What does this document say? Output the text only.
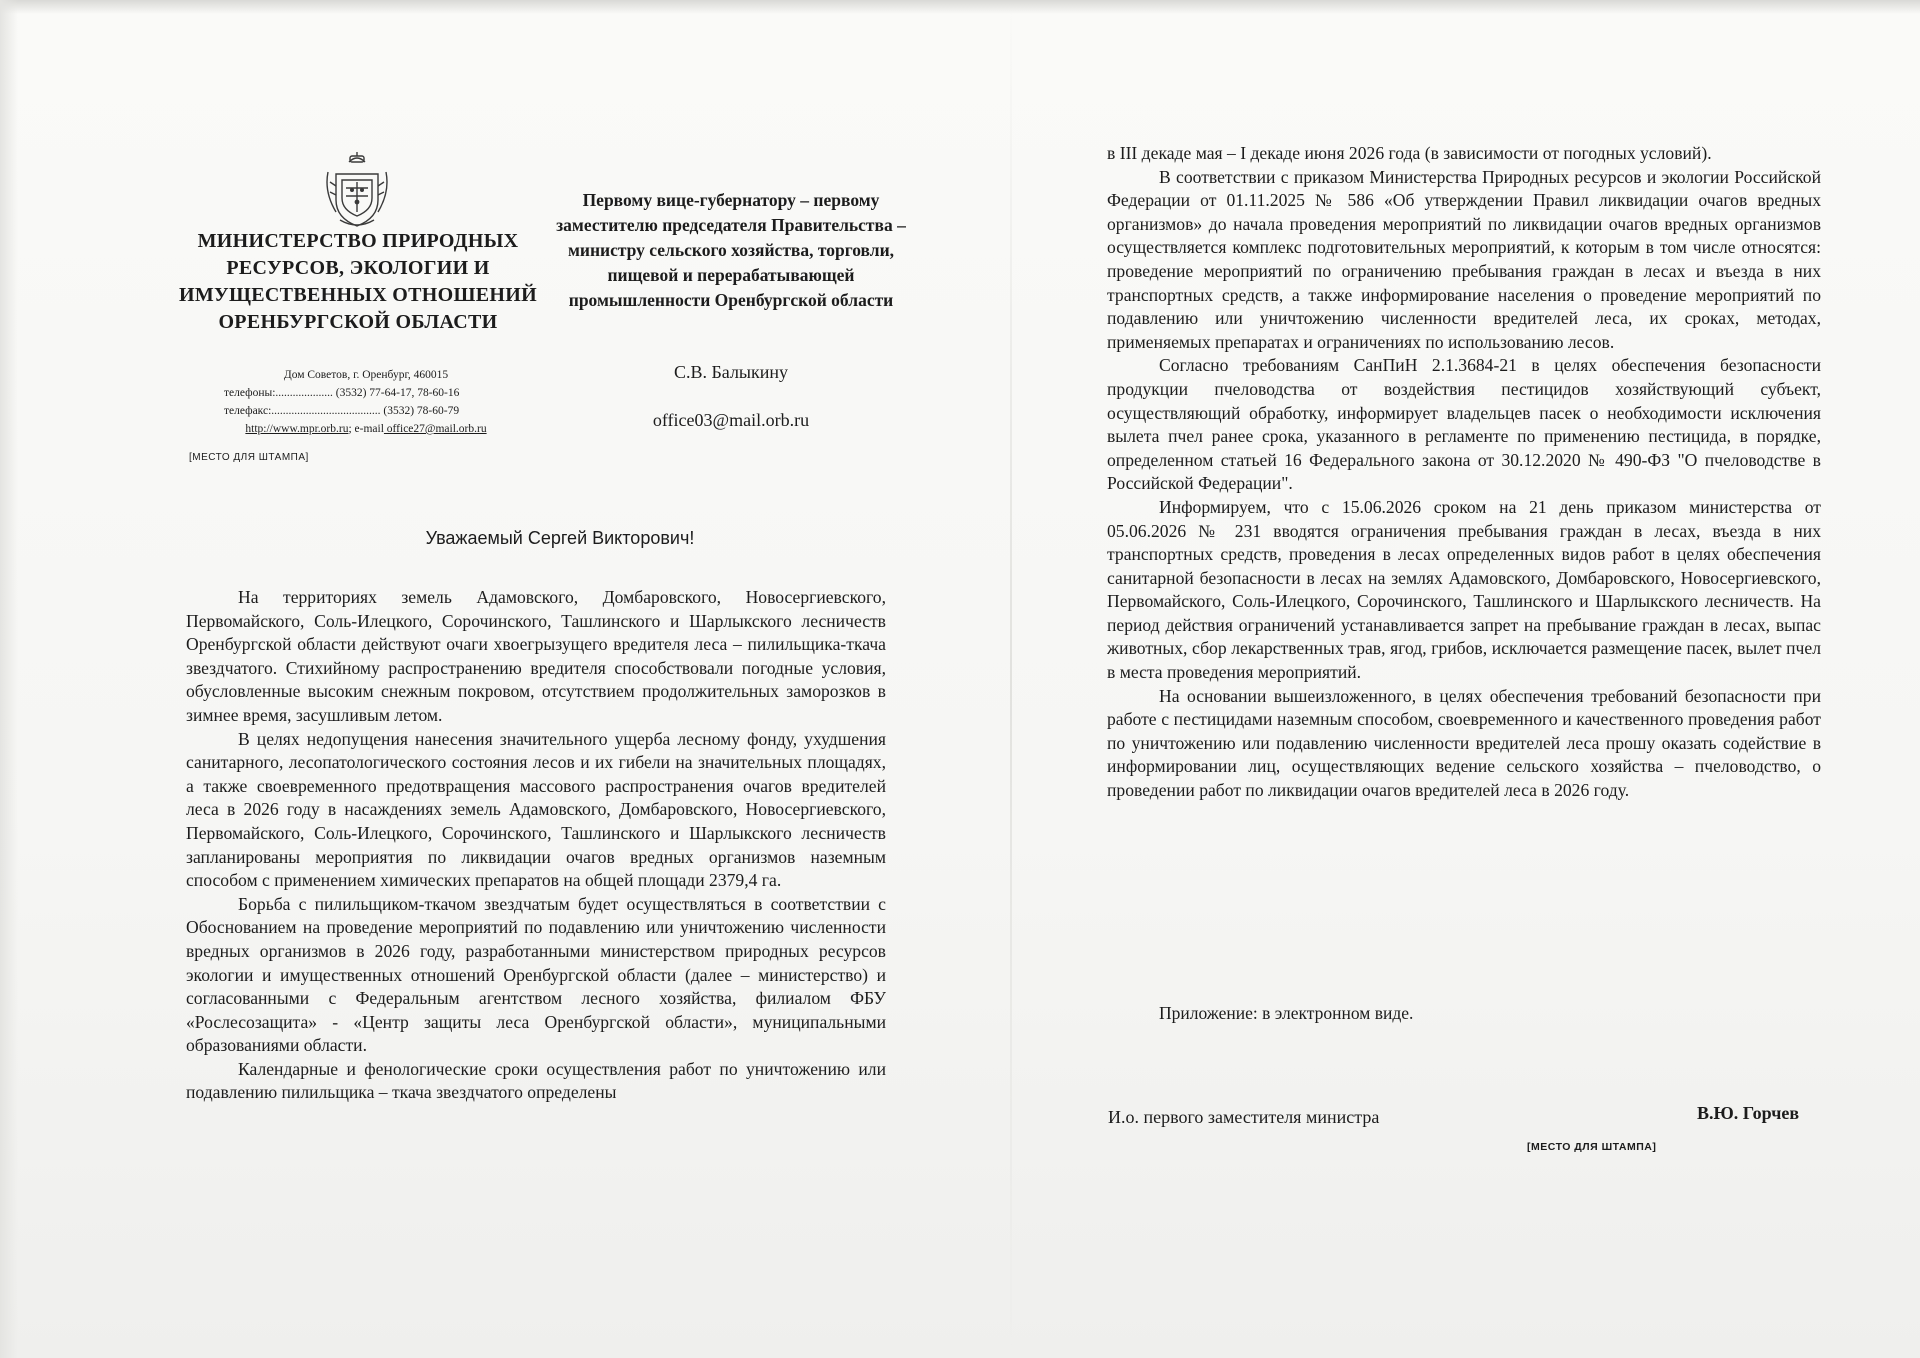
МИНИСТЕРСТВО ПРИРОДНЫХ РЕСУРСОВ, ЭКОЛОГИИ И ИМУЩЕСТВЕННЫХ ОТНОШЕНИЙ ОРЕНБУРГСКОЙ ОБЛАСТИ
Дом Советов, г. Оренбург, 460015
телефоны:.................... (3532) 77-64-17, 78-60-16
телефакс:...................................... (3532) 78-60-79
http://www.mpr.orb.ru; e-mail office27@mail.orb.ru
[МЕСТО ДЛЯ ШТАМПА]
Первому вице-губернатору – первому заместителю председателя Правительства – министру сельского хозяйства, торговли, пищевой и перерабатывающей промышленности Оренбургской области
С.В. Балыкину
office03@mail.orb.ru
Уважаемый Сергей Викторович!

На территориях земель Адамовского, Домбаровского, Новосергиевского, Первомайского, Соль-Илецкого, Сорочинского, Ташлинского и Шарлыкского лесничеств Оренбургской области действуют очаги хвоегрызущего вредителя леса – пилильщика-ткача звездчатого. Стихийному распространению вредителя способствовали погодные условия, обусловленные высоким снежным покровом, отсутствием продолжительных заморозков в зимнее время, засушливым летом.

В целях недопущения нанесения значительного ущерба лесному фонду, ухудшения санитарного, лесопатологического состояния лесов и их гибели на значительных площадях, а также своевременного предотвращения массового распространения очагов вредителей леса в 2026 году в насаждениях земель Адамовского, Домбаровского, Новосергиевского, Первомайского, Соль-Илецкого, Сорочинского, Ташлинского и Шарлыкского лесничеств запланированы мероприятия по ликвидации очагов вредных организмов наземным способом с применением химических препаратов на общей площади 2379,4 га.

Борьба с пилильщиком-ткачом звездчатым будет осуществляться в соответствии с Обоснованием на проведение мероприятий по подавлению или уничтожению численности вредных организмов в 2026 году, разработанными министерством природных ресурсов экологии и имущественных отношений Оренбургской области (далее – министерство) и согласованными с Федеральным агентством лесного хозяйства, филиалом ФБУ «Рослесозащита» - «Центр защиты леса Оренбургской области», муниципальными образованиями области.

Календарные и фенологические сроки осуществления работ по уничтожению или подавлению пилильщика – ткача звездчатого определены

в III декаде мая – I декаде июня 2026 года (в зависимости от погодных условий).

В соответствии с приказом Министерства Природных ресурсов и экологии Российской Федерации от 01.11.2025 № 586 «Об утверждении Правил ликвидации очагов вредных организмов» до начала проведения мероприятий по ликвидации очагов вредных организмов осуществляется комплекс подготовительных мероприятий, к которым в том числе относятся: проведение мероприятий по ограничению пребывания граждан в лесах и въезда в них транспортных средств, а также информирование населения о проведение мероприятий по подавлению или уничтожению численности вредителей леса, их сроках, методах, применяемых препаратах и ограничениях по использованию лесов.

Согласно требованиям СанПиН 2.1.3684-21 в целях обеспечения безопасности продукции пчеловодства от воздействия пестицидов хозяйствующий субъект, осуществляющий обработку, информирует владельцев пасек о необходимости исключения вылета пчел ранее срока, указанного в регламенте по применению пестицида, в порядке, определенном статьей 16 Федерального закона от 30.12.2020 № 490-ФЗ "О пчеловодстве в Российской Федерации".

Информируем, что с 15.06.2026 сроком на 21 день приказом министерства от 05.06.2026 № 231 вводятся ограничения пребывания граждан в лесах, въезда в них транспортных средств, проведения в лесах определенных видов работ в целях обеспечения санитарной безопасности в лесах на землях Адамовского, Домбаровского, Новосергиевского, Первомайского, Соль-Илецкого, Сорочинского, Ташлинского и Шарлыкского лесничеств. На период действия ограничений устанавливается запрет на пребывание граждан в лесах, выпас животных, сбор лекарственных трав, ягод, грибов, исключается размещение пасек, вылет пчел в места проведения мероприятий.

На основании вышеизложенного, в целях обеспечения требований безопасности при работе с пестицидами наземным способом, своевременного и качественного проведения работ по уничтожению или подавлению численности вредителей леса прошу оказать содействие в информировании лиц, осуществляющих ведение сельского хозяйства – пчеловодство, о проведении работ по ликвидации очагов вредителей леса в 2026 году.

Приложение: в электронном виде.
И.о. первого заместителя министра	В.Ю. Горчев
[МЕСТО ДЛЯ ШТАМПА]
